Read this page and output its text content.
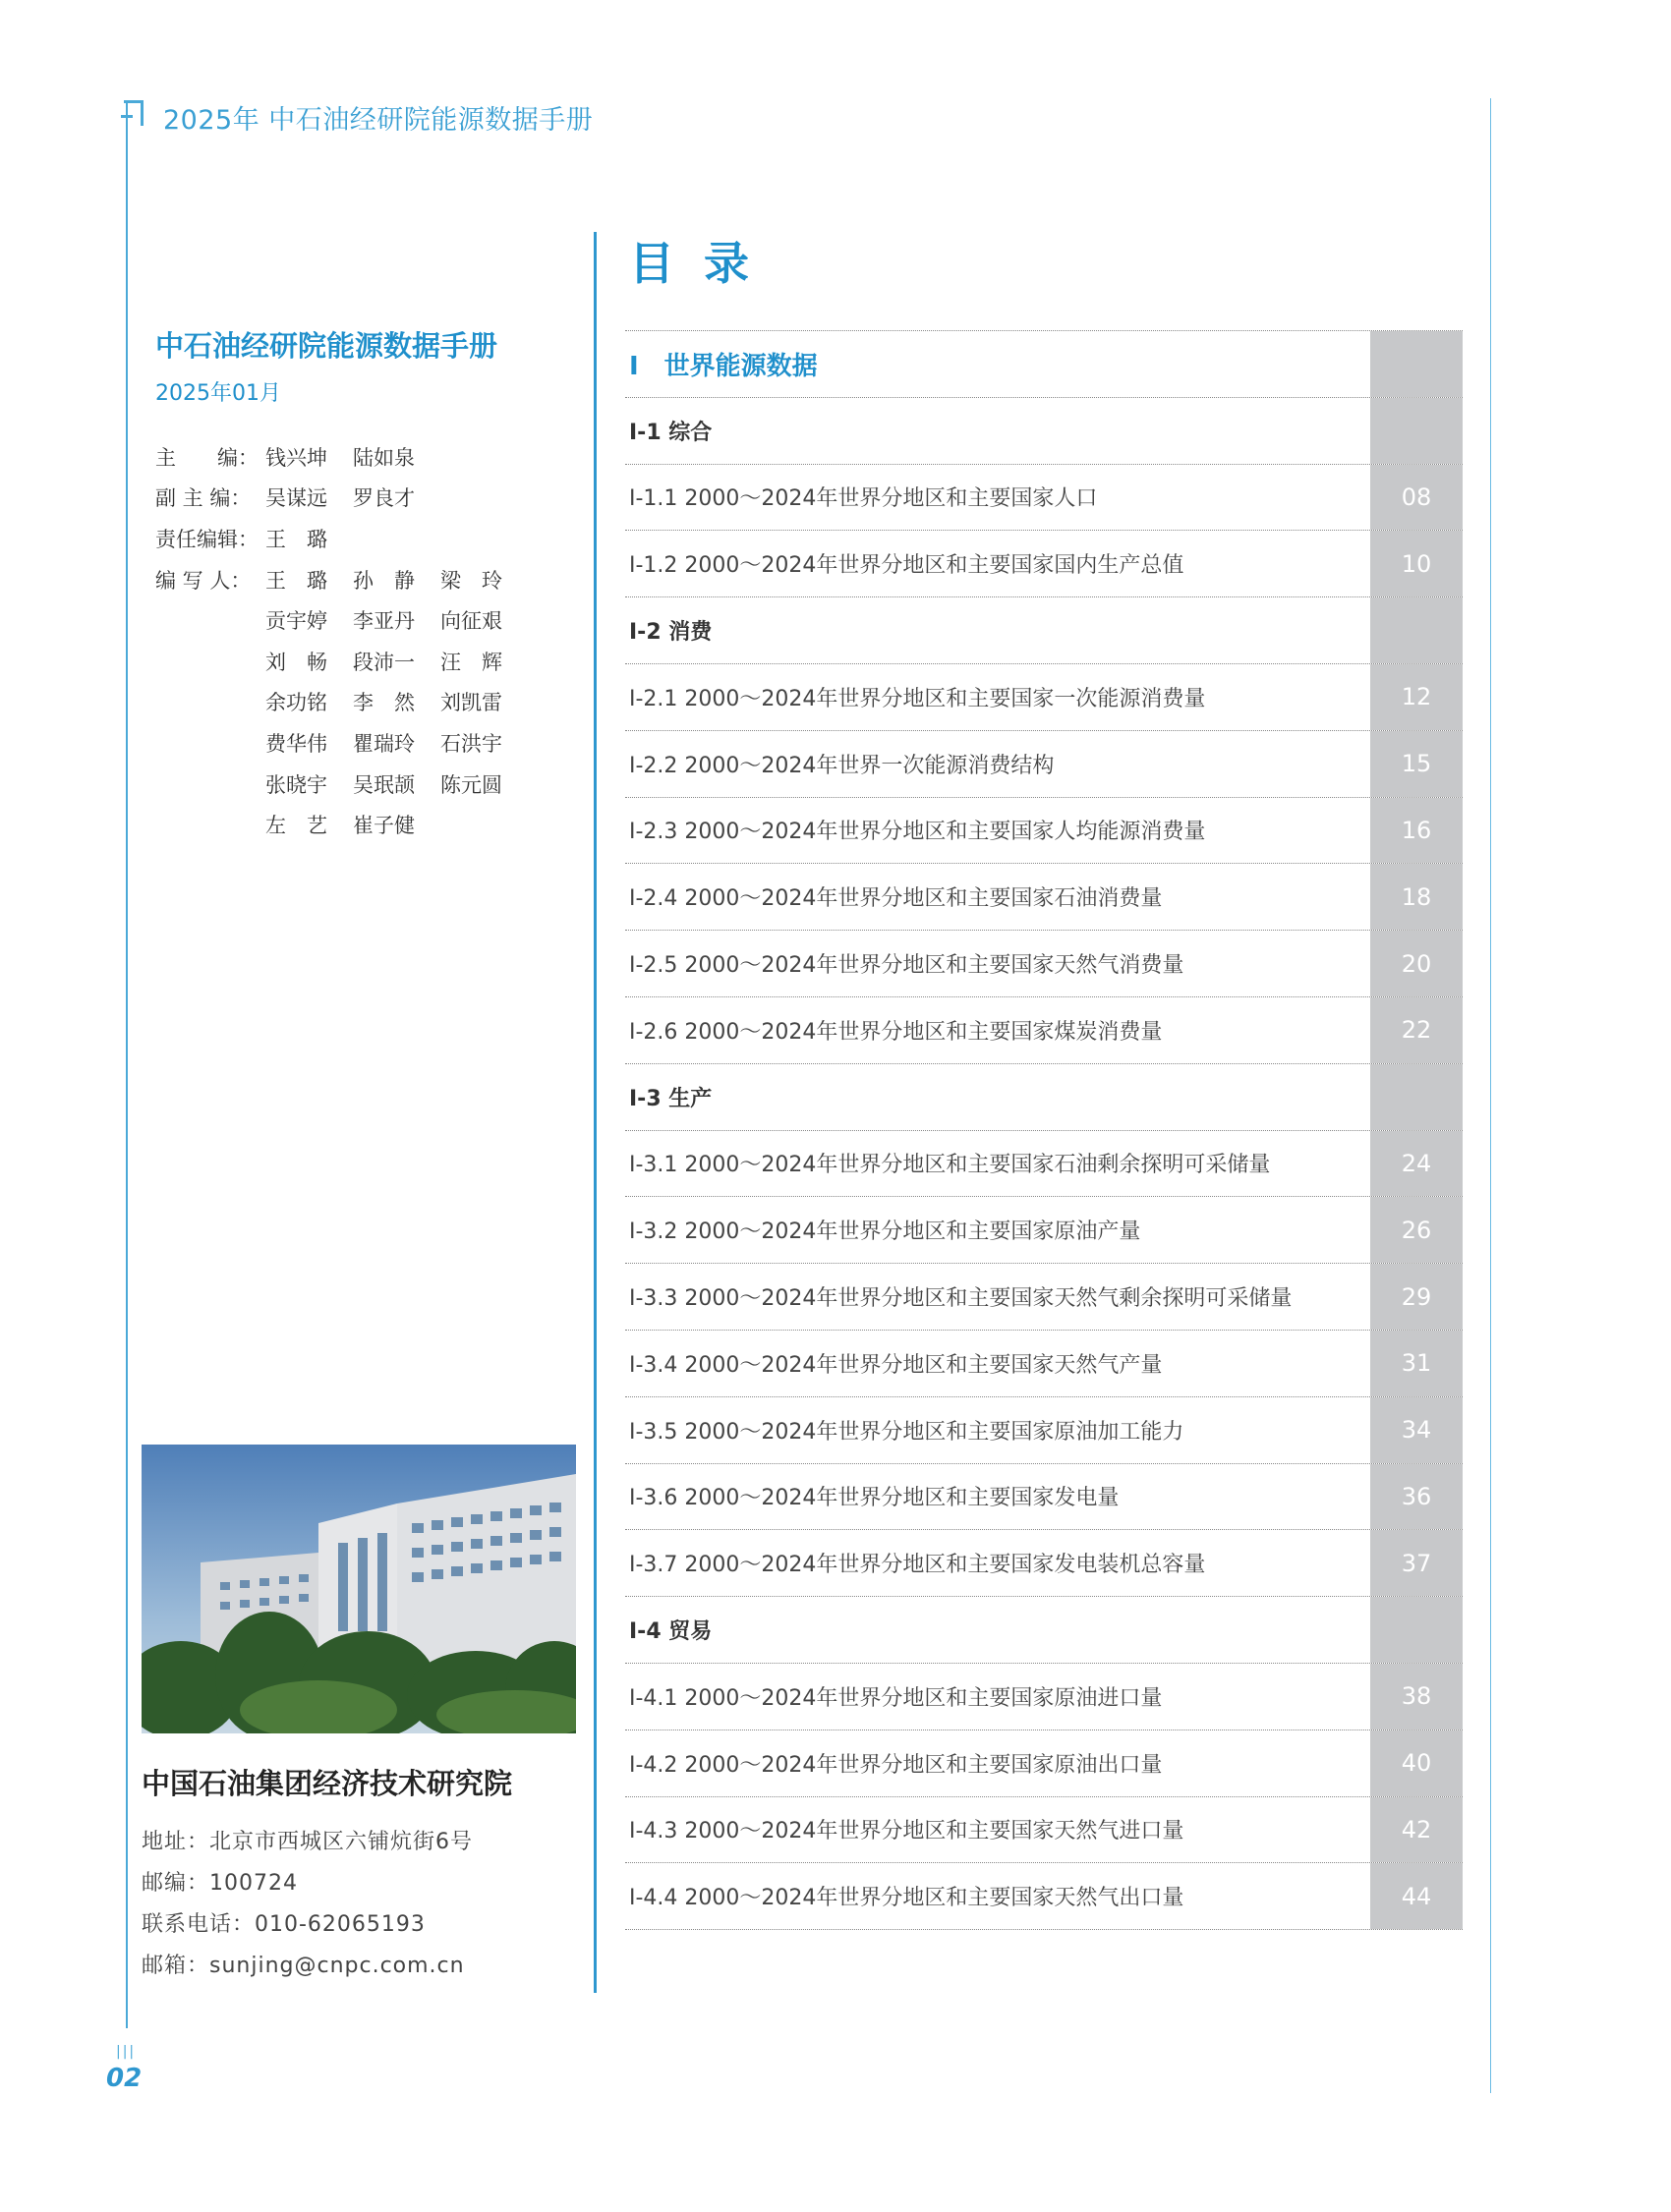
2025年 中石油经研院能源数据手册
中石油经研院能源数据手册
2025年01月
主　　编： 钱兴坤	陆如泉
副 主 编： 吴谋远	罗良才
责任编辑： 王　璐
编 写 人： 王　璐	孙　静	梁　玲
贡宇婷	李亚丹	向征艰
刘　畅	段沛一	汪　辉
余功铭	李　然	刘凯雷
费华伟	瞿瑞玲	石洪宇
张晓宇	吴珉颉	陈元圆
左　艺	崔子健
中国石油集团经济技术研究院
地址：北京市西城区六铺炕街6号
邮编：100724
联系电话：010-62065193
邮箱：sunjing@cnpc.com.cn
|||
02
目录
I　世界能源数据
I-1 综合
I-1.1 2000～2024年世界分地区和主要国家人口	08
I-1.2 2000～2024年世界分地区和主要国家国内生产总值	10
I-2 消费
I-2.1 2000～2024年世界分地区和主要国家一次能源消费量	12
I-2.2 2000～2024年世界一次能源消费结构	15
I-2.3 2000～2024年世界分地区和主要国家人均能源消费量	16
I-2.4 2000～2024年世界分地区和主要国家石油消费量	18
I-2.5 2000～2024年世界分地区和主要国家天然气消费量	20
I-2.6 2000～2024年世界分地区和主要国家煤炭消费量	22
I-3 生产
I-3.1 2000～2024年世界分地区和主要国家石油剩余探明可采储量	24
I-3.2 2000～2024年世界分地区和主要国家原油产量	26
I-3.3 2000～2024年世界分地区和主要国家天然气剩余探明可采储量	29
I-3.4 2000～2024年世界分地区和主要国家天然气产量	31
I-3.5 2000～2024年世界分地区和主要国家原油加工能力	34
I-3.6 2000～2024年世界分地区和主要国家发电量	36
I-3.7 2000～2024年世界分地区和主要国家发电装机总容量	37
I-4 贸易
I-4.1 2000～2024年世界分地区和主要国家原油进口量	38
I-4.2 2000～2024年世界分地区和主要国家原油出口量	40
I-4.3 2000～2024年世界分地区和主要国家天然气进口量	42
I-4.4 2000～2024年世界分地区和主要国家天然气出口量	44
